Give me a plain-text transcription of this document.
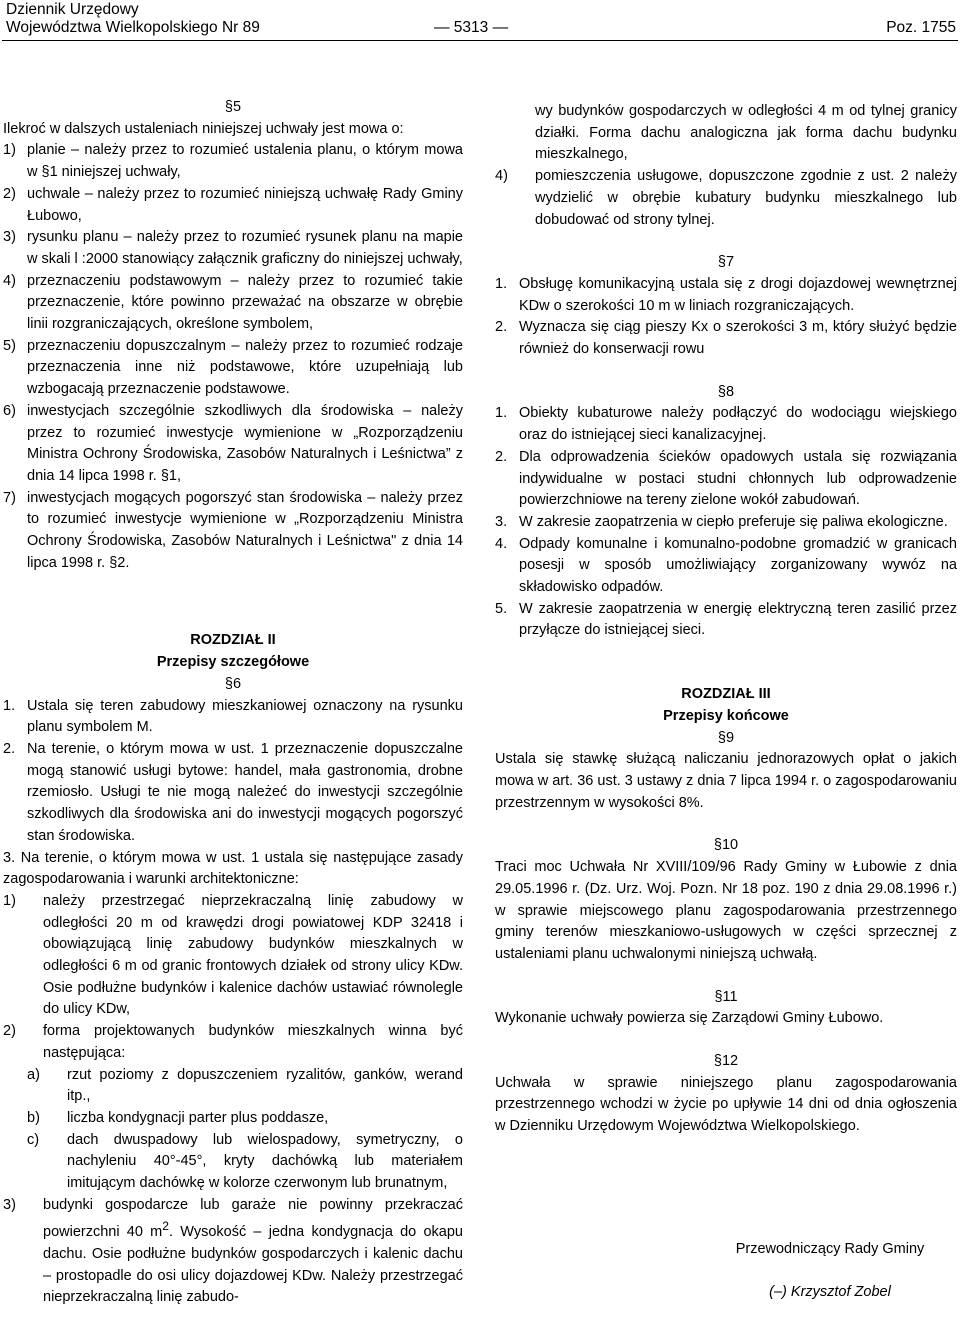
Dziennik Urzędowy
Województwa Wielkopolskiego Nr 89	— 5313 —	Poz. 1755

§5

Ilekroć w dalszych ustaleniach niniejszej uchwały jest mowa o:

1) planie – należy przez to rozumieć ustalenia planu, o którym mowa w §1 niniejszej uchwały,
2) uchwale – należy przez to rozumieć niniejszą uchwałę Rady Gminy Łubowo,
3) rysunku planu – należy przez to rozumieć rysunek planu na mapie w skali l :2000 stanowiący załącznik graficzny do niniejszej uchwały,
4) przeznaczeniu podstawowym – należy przez to rozumieć takie przeznaczenie, które powinno przeważać na obszarze w obrębie linii rozgraniczających, określone symbolem,
5) przeznaczeniu dopuszczalnym – należy przez to rozumieć rodzaje przeznaczenia inne niż podstawowe, które uzupełniają lub wzbogacają przeznaczenie podstawowe.
6) inwestycjach szczególnie szkodliwych dla środowiska – należy przez to rozumieć inwestycje wymienione w „Rozporządzeniu Ministra Ochrony Środowiska, Zasobów Naturalnych i Leśnictwa” z dnia 14 lipca 1998 r. §1,
7) inwestycjach mogących pogorszyć stan środowiska – należy przez to rozumieć inwestycje wymienione w „Rozporządzeniu Ministra Ochrony Środowiska, Zasobów Naturalnych i Leśnictwa" z dnia 14 lipca 1998 r. §2.

ROZDZIAŁ II

Przepisy szczegółowe

§6

1. Ustala się teren zabudowy mieszkaniowej oznaczony na rysunku planu symbolem M.
2. Na terenie, o którym mowa w ust. 1 przeznaczenie dopuszczalne mogą stanowić usługi bytowe: handel, mała gastronomia, drobne rzemiosło. Usługi te nie mogą należeć do inwestycji szczególnie szkodliwych dla środowiska ani do inwestycji mogących pogorszyć stan środowiska.
3. Na terenie, o którym mowa w ust. 1 ustala się następujące zasady zagospodarowania i warunki architektoniczne:
1) należy przestrzegać nieprzekraczalną linię zabudowy w odległości 20 m od krawędzi drogi powiatowej KDP 32418 i obowiązującą linię zabudowy budynków mieszkalnych w odległości 6 m od granic frontowych działek od strony ulicy KDw. Osie podłużne budynków i kalenice dachów ustawiać równolegle do ulicy KDw,
2) forma projektowanych budynków mieszkalnych winna być następująca:
a) rzut poziomy z dopuszczeniem ryzalitów, ganków, werand itp.,
b) liczba kondygnacji parter plus poddasze,
c) dach dwuspadowy lub wielospadowy, symetryczny, o nachyleniu 40°-45°, kryty dachówką lub materiałem imitującym dachówkę w kolorze czerwonym lub brunatnym,
3) budynki gospodarcze lub garaże nie powinny przekraczać powierzchni 40 $m^2$. Wysokość – jedna kondygnacja do okapu dachu. Osie podłużne budynków gospodarczych i kalenic dachu – prostopadle do osi ulicy dojazdowej KDw. Należy przestrzegać nieprzekraczalną linię zabudo-
wy budynków gospodarczych w odległości 4 m od tylnej granicy działki. Forma dachu analogiczna jak forma dachu budynku mieszkalnego,
4) pomieszczenia usługowe, dopuszczone zgodnie z ust. 2 należy wydzielić w obrębie kubatury budynku mieszkalnego lub dobudować od strony tylnej.

§7

1. Obsługę komunikacyjną ustala się z drogi dojazdowej wewnętrznej KDw o szerokości 10 m w liniach rozgraniczających.
2. Wyznacza się ciąg pieszy Kx o szerokości 3 m, który służyć będzie również do konserwacji rowu

§8

1. Obiekty kubaturowe należy podłączyć do wodociągu wiejskiego oraz do istniejącej sieci kanalizacyjnej.
2. Dla odprowadzenia ścieków opadowych ustala się rozwiązania indywidualne w postaci studni chłonnych lub odprowadzenie powierzchniowe na tereny zielone wokół zabudowań.
3. W zakresie zaopatrzenia w ciepło preferuje się paliwa ekologiczne.
4. Odpady komunalne i komunalno-podobne gromadzić w granicach posesji w sposób umożliwiający zorganizowany wywóz na składowisko odpadów.
5. W zakresie zaopatrzenia w energię elektryczną teren zasilić przez przyłącze do istniejącej sieci.

ROZDZIAŁ III

Przepisy końcowe

§9

Ustala się stawkę służącą naliczaniu jednorazowych opłat o jakich mowa w art. 36 ust. 3 ustawy z dnia 7 lipca 1994 r. o zagospodarowaniu przestrzennym w wysokości 8%.

§10

Traci moc Uchwała Nr XVIII/109/96 Rady Gminy w Łubowie z dnia 29.05.1996 r. (Dz. Urz. Woj. Pozn. Nr 18 poz. 190 z dnia 29.08.1996 r.) w sprawie miejscowego planu zagospodarowania przestrzennego gminy terenów mieszkaniowo-usługowych w części sprzecznej z ustaleniami planu uchwalonymi niniejszą uchwałą.

§11

Wykonanie uchwały powierza się Zarządowi Gminy Łubowo.

§12

Uchwała w sprawie niniejszego planu zagospodarowania przestrzennego wchodzi w życie po upływie 14 dni od dnia ogłoszenia w Dzienniku Urzędowym Województwa Wielkopolskiego.

Przewodniczący Rady Gminy
(–) Krzysztof Zobel
